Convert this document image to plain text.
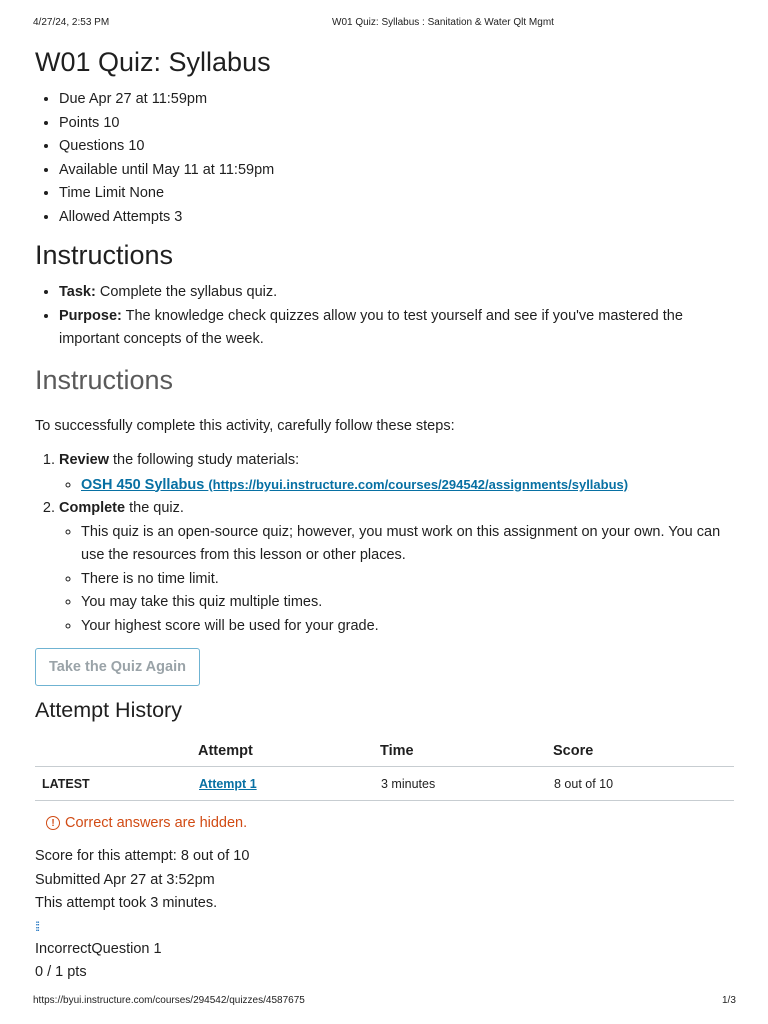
4/27/24, 2:53 PM	W01 Quiz: Syllabus : Sanitation & Water Qlt Mgmt
W01 Quiz: Syllabus
• Due Apr 27 at 11:59pm
• Points 10
• Questions 10
• Available until May 11 at 11:59pm
• Time Limit None
• Allowed Attempts 3
Instructions
• Task: Complete the syllabus quiz.
• Purpose: The knowledge check quizzes allow you to test yourself and see if you've mastered the important concepts of the week.
Instructions

To successfully complete this activity, carefully follow these steps:

1. Review the following study materials:
◦ OSH 450 Syllabus (https://byui.instructure.com/courses/294542/assignments/syllabus)
2. Complete the quiz.
◦ This quiz is an open-source quiz; however, you must work on this assignment on your own. You can use the resources from this lesson or other places.
◦ There is no time limit.
◦ You may take this quiz multiple times.
◦ Your highest score will be used for your grade.
Take the Quiz Again
Attempt History
	Attempt	Time	Score
LATEST	Attempt 1	3 minutes	8 out of 10
! Correct answers are hidden.
Score for this attempt: 8 out of 10
Submitted Apr 27 at 3:52pm
This attempt took 3 minutes.
⁞⁞
IncorrectQuestion 1
0 / 1 pts
https://byui.instructure.com/courses/294542/quizzes/4587675	1/3
